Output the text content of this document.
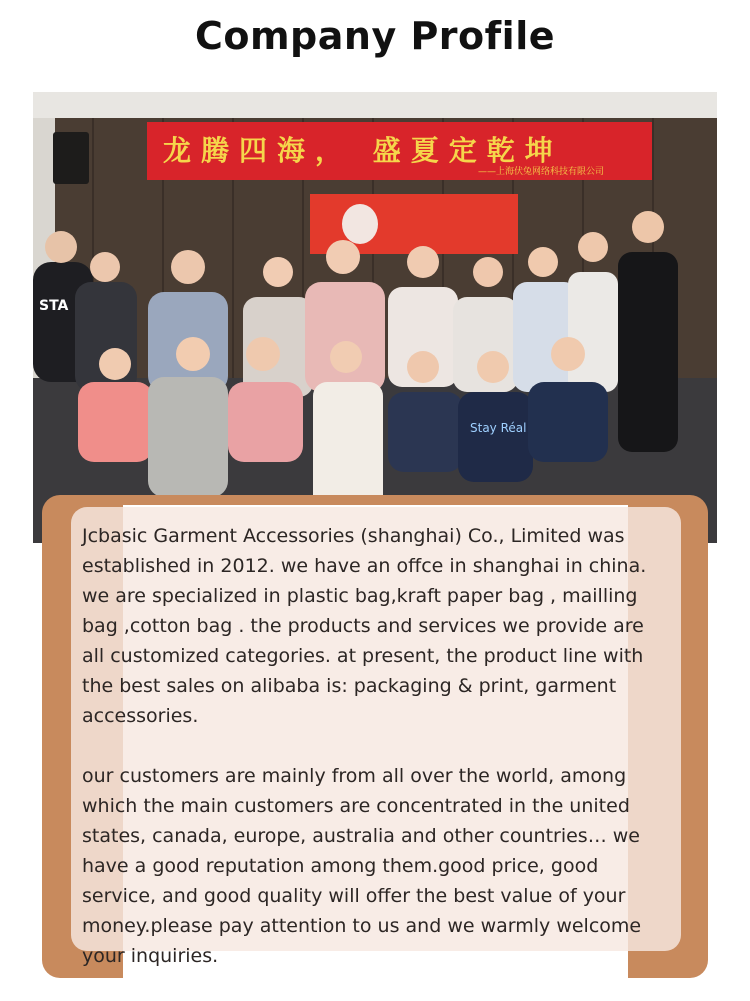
Company Profile
龙腾四海， 盛夏定乾坤
——上海伏兔网络科技有限公司
Stay Réal
STA

Jcbasic Garment Accessories (shanghai) Co., Limited was established in 2012. we have an offce in shanghai in china. we are specialized in plastic bag,kraft paper bag , mailling bag ,cotton bag . the products and services we provide are all customized categories. at present, the product line with the best sales on alibaba is: packaging & print, garment accessories.

our customers are mainly from all over the world, among which the main customers are concentrated in the united states, canada, europe, australia and other countries… we have a good reputation among them.good price, good service, and good quality will offer the best value of your money.please pay attention to us and we warmly welcome your inquiries.
